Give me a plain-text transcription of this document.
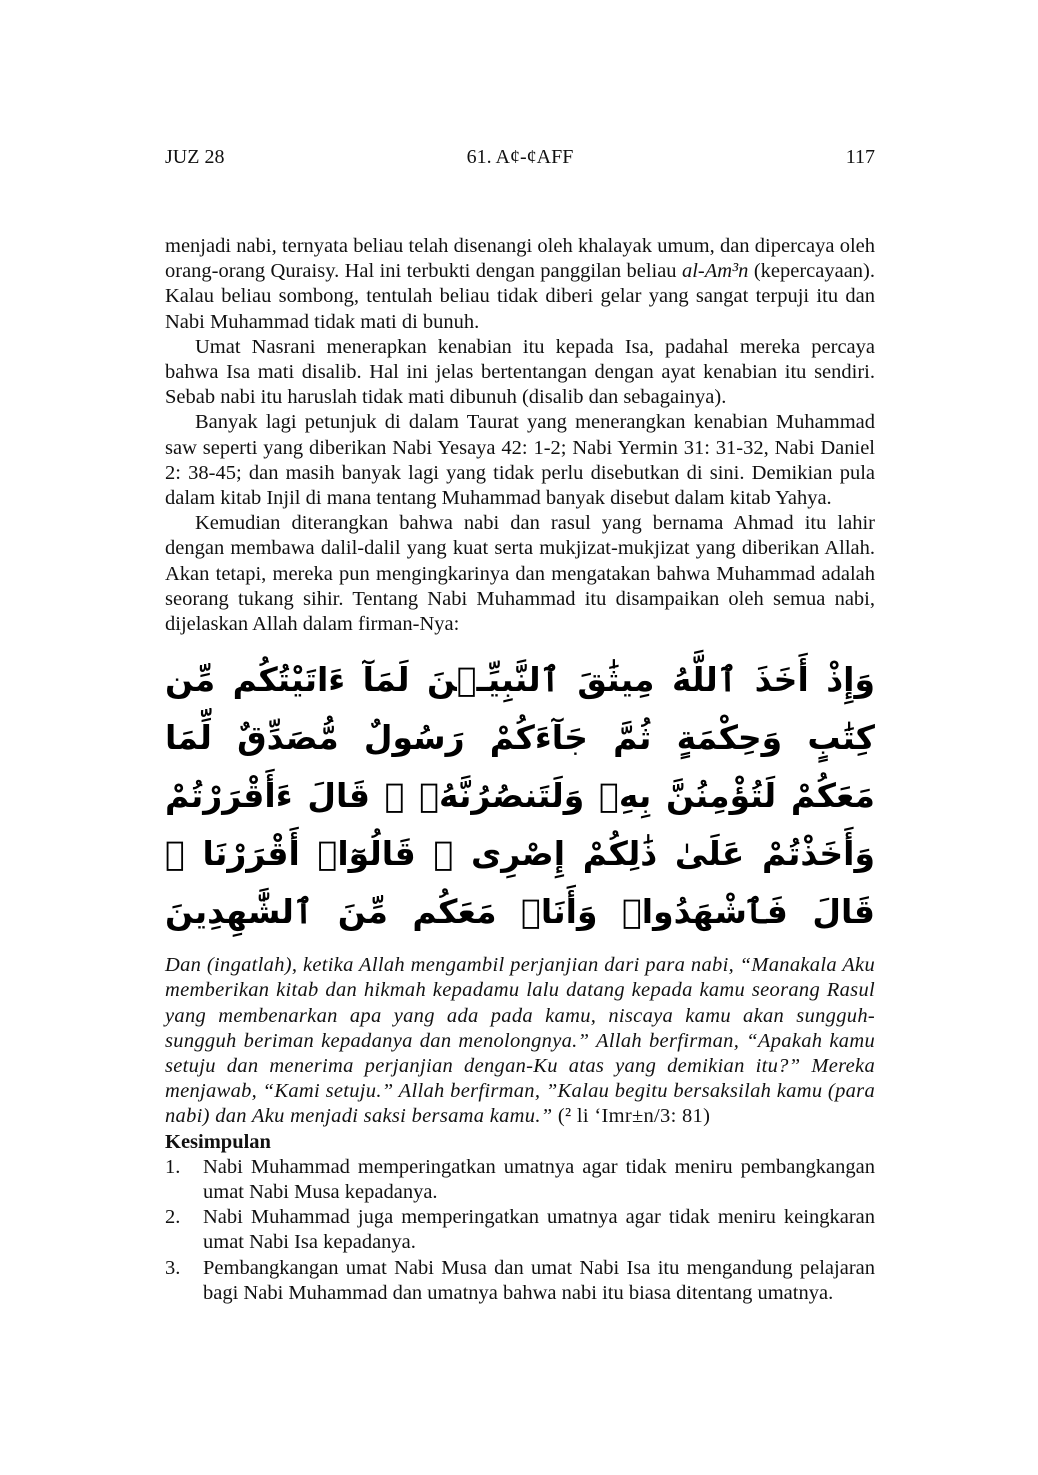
JUZ 28	61. A¢-¢AFF	117

menjadi nabi, ternyata beliau telah disenangi oleh khalayak umum, dan dipercaya oleh orang-orang Quraisy. Hal ini terbukti dengan panggilan beliau al-Am³n (kepercayaan). Kalau beliau sombong, tentulah beliau tidak diberi gelar yang sangat terpuji itu dan Nabi Muhammad tidak mati di bunuh.

Umat Nasrani menerapkan kenabian itu kepada Isa, padahal mereka percaya bahwa Isa mati disalib. Hal ini jelas bertentangan dengan ayat kenabian itu sendiri. Sebab nabi itu haruslah tidak mati dibunuh (disalib dan sebagainya).

Banyak lagi petunjuk di dalam Taurat yang menerangkan kenabian Muhammad saw seperti yang diberikan Nabi Yesaya 42: 1-2; Nabi Yermin 31: 31-32, Nabi Daniel 2: 38-45; dan masih banyak lagi yang tidak perlu disebutkan di sini. Demikian pula dalam kitab Injil di mana tentang Muhammad banyak disebut dalam kitab Yahya.

Kemudian diterangkan bahwa nabi dan rasul yang bernama Ahmad itu lahir dengan membawa dalil-dalil yang kuat serta mukjizat-mukjizat yang diberikan Allah. Akan tetapi, mereka pun mengingkarinya dan mengatakan bahwa Muhammad adalah seorang tukang sihir. Tentang Nabi Muhammad itu disampaikan oleh semua nabi, dijelaskan Allah dalam firman-Nya:

وَإِذْ أَخَذَ ٱللَّهُ مِيثَٰقَ ٱلنَّبِيِّـۧنَ لَمَآ ءَاتَيْتُكُم مِّن كِتَٰبٍ وَحِكْمَةٍ ثُمَّ جَآءَكُمْ رَسُولٌ مُّصَدِّقٌ لِّمَا مَعَكُمْ لَتُؤْمِنُنَّ بِهِۦ وَلَتَنصُرُنَّهُۥ ۚ قَالَ ءَأَقْرَرْتُمْ وَأَخَذْتُمْ عَلَىٰ ذَٰلِكُمْ إِصْرِى ۖ قَالُوٓا۟ أَقْرَرْنَا ۚ قَالَ فَٱشْهَدُوا۟ وَأَنَا۠ مَعَكُم مِّنَ ٱلشَّٰهِدِينَ

Dan (ingatlah), ketika Allah mengambil perjanjian dari para nabi, “Manakala Aku memberikan kitab dan hikmah kepadamu lalu datang kepada kamu seorang Rasul yang membenarkan apa yang ada pada kamu, niscaya kamu akan sungguh-sungguh beriman kepadanya dan menolongnya.” Allah berfirman, “Apakah kamu setuju dan menerima perjanjian dengan-Ku atas yang demikian itu?” Mereka menjawab, “Kami setuju.” Allah berfirman, ”Kalau begitu bersaksilah kamu (para nabi) dan Aku menjadi saksi bersama kamu.” (² li ‘Imr±n/3: 81)

Kesimpulan

1. Nabi Muhammad memperingatkan umatnya agar tidak meniru pembangkangan umat Nabi Musa kepadanya.
2. Nabi Muhammad juga memperingatkan umatnya agar tidak meniru keingkaran umat Nabi Isa kepadanya.
3. Pembangkangan umat Nabi Musa dan umat Nabi Isa itu mengandung pelajaran bagi Nabi Muhammad dan umatnya bahwa nabi itu biasa ditentang umatnya.
